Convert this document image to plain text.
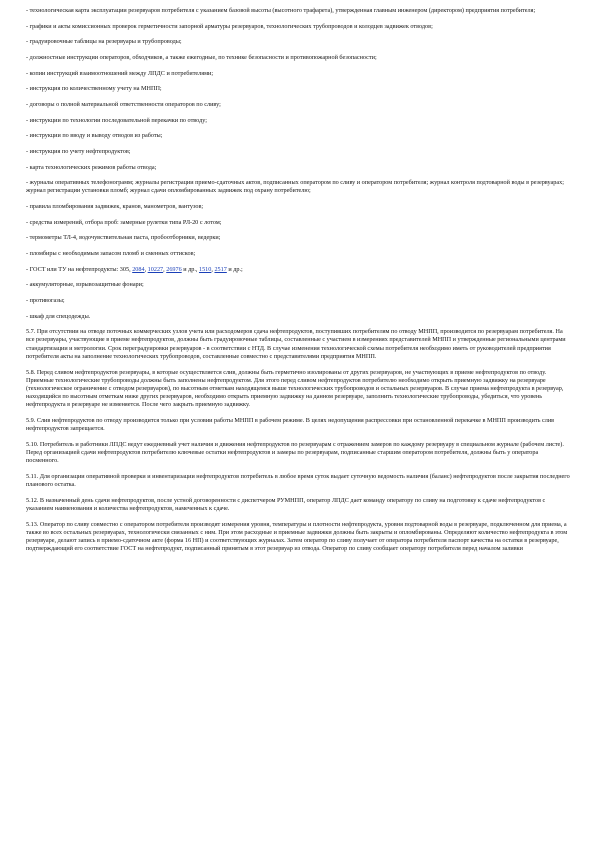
- технологическая карта эксплуатации резервуаров потребителя с указанием базовой высоты (высотного трафарета), утвержденная главным инженером (директором) предприятия потребителя;
- графики и акты комиссионных проверок герметичности запорной арматуры резервуаров, технологических трубопроводов и колодцев задвижек отводов;
- градуировочные таблицы на резервуары и трубопроводы;
- должностные инструкции операторов, обходчиков, а также ежегодные, по технике безопасности и противопожарной безопасности;
- копии инструкций взаимоотношений между ЛПДС и потребителями;
- инструкция по количественному учету на МНПП;
- договоры о полной материальной ответственности операторов по сливу;
- инструкции по технологии последовательной перекачки по отводу;
- инструкции по вводу и выводу отводов из работы;
- инструкция по учету нефтепродуктов;
- карта технологических режимов работы отвода;
- журналы оперативных телефонограмм; журналы регистрации приемо-сдаточных актов, подписанных оператором по сливу и оператором потребителя; журнал контроля подтоварной воды в резервуарах; журнал регистрации установки пломб; журнал сдачи опломбированных задвижек под охрану потребителю;
- правила пломбирования задвижек, кранов, манометров, вантузов;
- средства измерений, отбора проб: замерные рулетки типа РЛ-20 с лотом;
- термометры ТЛ-4, водочувствительная паста, пробоотборники, ведерки;
- пломбиры с необходимым запасом пломб и сменных оттисков;
- ГОСТ или ТУ на нефтепродукты: 305, 2084, 10227, 26976 и др., 1510, 2517 и др.;
- аккумуляторные, взрывозащитные фонари;
- противогазы;
- шкаф для спецодежды.
5.7. При отсутствии на отводе поточных коммерческих узлов учета или расходомеров сдача нефтепродуктов, поступивших потребителям по отводу МНПП, производится по резервуарам потребителя. На все резервуары, участвующие в приеме нефтепродуктов, должны быть градуировочные таблицы, составленные с участием в измерениях представителей МНПП и утвержденные региональными центрами стандартизации и метрологии. Срок переградуировки резервуаров - в соответствии с НТД. В случае изменения технологической схемы потребителя необходимо иметь от руководителей предприятия потребителя акты на заполнение технологических трубопроводов, составленные совместно с представителями предприятия МНПП.
5.8. Перед сливом нефтепродуктов резервуары, в которые осуществляется слив, должны быть герметично изолированы от других резервуаров, не участвующих в приеме нефтепродуктов по отводу. Приемные технологические трубопроводы должны быть заполнены нефтепродуктом. Для этого перед сливом нефтепродуктов потребителю необходимо открыть приемную задвижку на резервуаре (технологическое ограничение с отводом резервуаров), по высотным отметкам находящемся выше технологических трубопроводов и остальных резервуаров. В случае приема нефтепродукта в резервуар, находящийся по высотным отметкам ниже других резервуаров, необходимо открыть приемную задвижку на данном резервуаре, заполнить технологические трубопроводы, убедиться, что уровень нефтепродукта в резервуаре не изменяется. После чего закрыть приемную задвижку.
5.9. Слив нефтепродуктов по отводу производится только при условии работы МНПП в рабочем режиме. В целях недопущения распрессовки при остановленной перекачке в МНПП производить слив нефтепродуктов запрещается.
5.10. Потребитель и работники ЛПДС ведут ежедневный учет наличия и движения нефтепродуктов по резервуарам с отражением замеров по каждому резервуару в специальном журнале (рабочем листе). Перед организацией сдачи нефтепродуктов потребителю ключевые остатки нефтепродуктов и замеры по резервуарам, подписанные старшим оператором потребителя, должны быть у оператора посменного.
5.11. Для организации оперативной проверки и инвентаризации нефтепродуктов потребитель в любое время суток выдает суточную ведомость наличия (баланс) нефтепродуктов после закрытия последнего планового остатка.
5.12. В назначенный день сдачи нефтепродуктов, после устной договоренности с диспетчером РУМНПП, оператор ЛПДС дает команду оператору по сливу на подготовку к сдаче нефтепродуктов с указанием наименования и количества нефтепродуктов, намеченных к сдаче.
5.13. Оператор по сливу совместно с оператором потребителя производят измерения уровня, температуры и плотности нефтепродукта, уровня подтоварной воды в резервуаре, подключенном для приема, а также во всех остальных резервуарах, технологически связанных с ним. При этом расходные и приемные задвижки должны быть закрыты и опломбированы. Определяют количество нефтепродукта в этом резервуаре, делают запись в приемо-сдаточном акте (форма 16 НП) и соответствующих журналах. Затем оператор по сливу получает от оператора потребителя паспорт качества на остатки в резервуаре, подтверждающий его соответствие ГОСТ на нефтепродукт, подписанный принятым в этот резервуар из отвода. Оператор по сливу сообщает оператору потребителя перед началом заливки
